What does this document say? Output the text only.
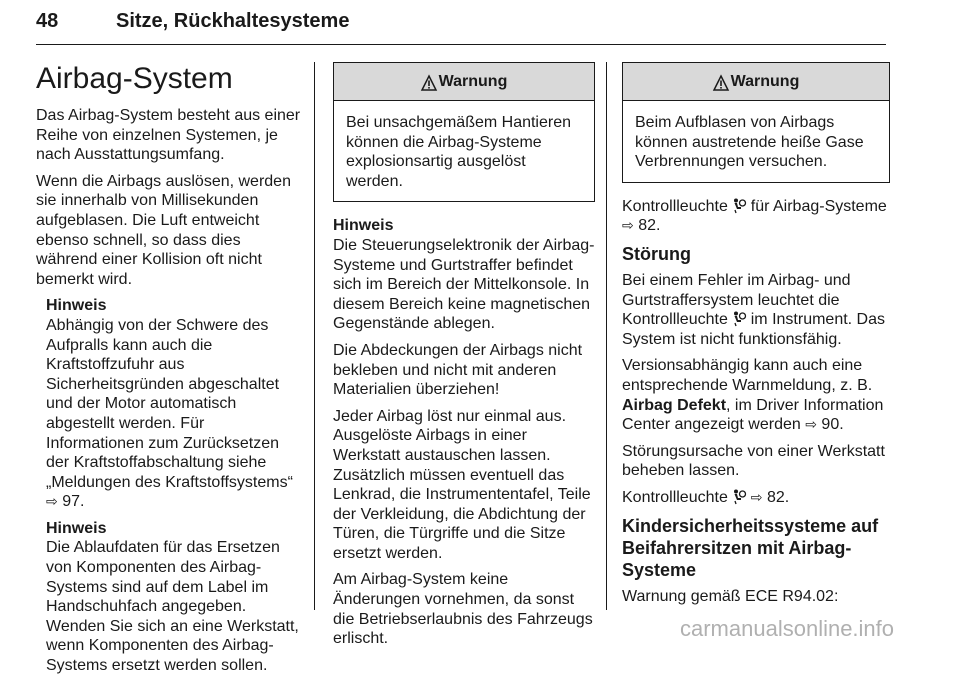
48	Sitze, Rückhaltesysteme
Airbag-System

Das Airbag-System besteht aus einer Reihe von einzelnen Systemen, je nach Ausstattungsumfang.

Wenn die Airbags auslösen, werden sie innerhalb von Millisekunden aufgeblasen. Die Luft entweicht ebenso schnell, so dass dies während einer Kollision oft nicht bemerkt wird.

Hinweis
Abhängig von der Schwere des Aufpralls kann auch die Kraftstoffzufuhr aus Sicherheitsgründen abgeschaltet und der Motor automatisch abgestellt werden. Für Informationen zum Zurücksetzen der Kraftstoffabschaltung siehe „Meldungen des Kraftstoffsystems“ ⇨ 97.
Hinweis
Die Ablaufdaten für das Ersetzen von Komponenten des Airbag-Systems sind auf dem Label im Handschuhfach angegeben. Wenden Sie sich an eine Werkstatt, wenn Komponenten des Airbag-Systems ersetzt werden sollen.
Warnung
Bei unsachgemäßem Hantieren können die Airbag-Systeme explosionsartig ausgelöst werden.
Hinweis
Die Steuerungselektronik der Airbag-Systeme und Gurtstraffer befindet sich im Bereich der Mittelkonsole. In diesem Bereich keine magnetischen Gegenstände ablegen.

Die Abdeckungen der Airbags nicht bekleben und nicht mit anderen Materialien überziehen!

Jeder Airbag löst nur einmal aus. Ausgelöste Airbags in einer Werkstatt austauschen lassen. Zusätzlich müssen eventuell das Lenkrad, die Instrumententafel, Teile der Verkleidung, die Abdichtung der Türen, die Türgriffe und die Sitze ersetzt werden.

Am Airbag-System keine Änderungen vornehmen, da sonst die Betriebserlaubnis des Fahrzeugs erlischt.

Warnung
Beim Aufblasen von Airbags können austretende heiße Gase Verbrennungen versuchen.

Kontrollleuchte für Airbag-Systeme ⇨ 82.

Störung

Bei einem Fehler im Airbag- und Gurtstraffersystem leuchtet die Kontrollleuchte im Instrument. Das System ist nicht funktionsfähig.

Versionsabhängig kann auch eine entsprechende Warnmeldung, z. B. Airbag Defekt, im Driver Information Center angezeigt werden ⇨ 90.

Störungsursache von einer Werkstatt beheben lassen.

Kontrollleuchte ⇨ 82.

Kindersicherheitssysteme auf Beifahrersitzen mit Airbag-Systeme

Warnung gemäß ECE R94.02:

carmanualsonline.info
